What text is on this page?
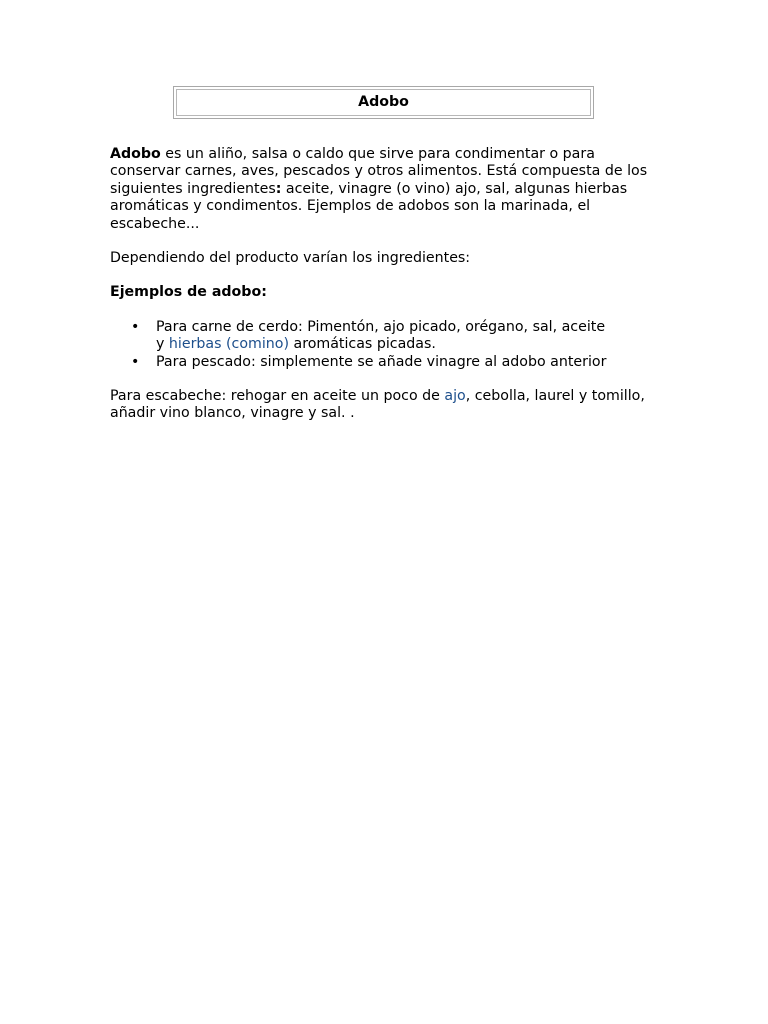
Adobo

Adobo es un aliño, salsa o caldo que sirve para condimentar o para conservar carnes, aves, pescados y otros alimentos. Está compuesta de los siguientes ingredientes: aceite, vinagre (o vino) ajo, sal, algunas hierbas aromáticas y condimentos. Ejemplos de adobos son la marinada, el escabeche...

Dependiendo del producto varían los ingredientes:

Ejemplos de adobo:

• Para carne de cerdo: Pimentón, ajo picado, orégano, sal, aceite
y hierbas (comino) aromáticas picadas.
• Para pescado: simplemente se añade vinagre al adobo anterior

Para escabeche: rehogar en aceite un poco de ajo, cebolla, laurel y tomillo, añadir vino blanco, vinagre y sal. .
